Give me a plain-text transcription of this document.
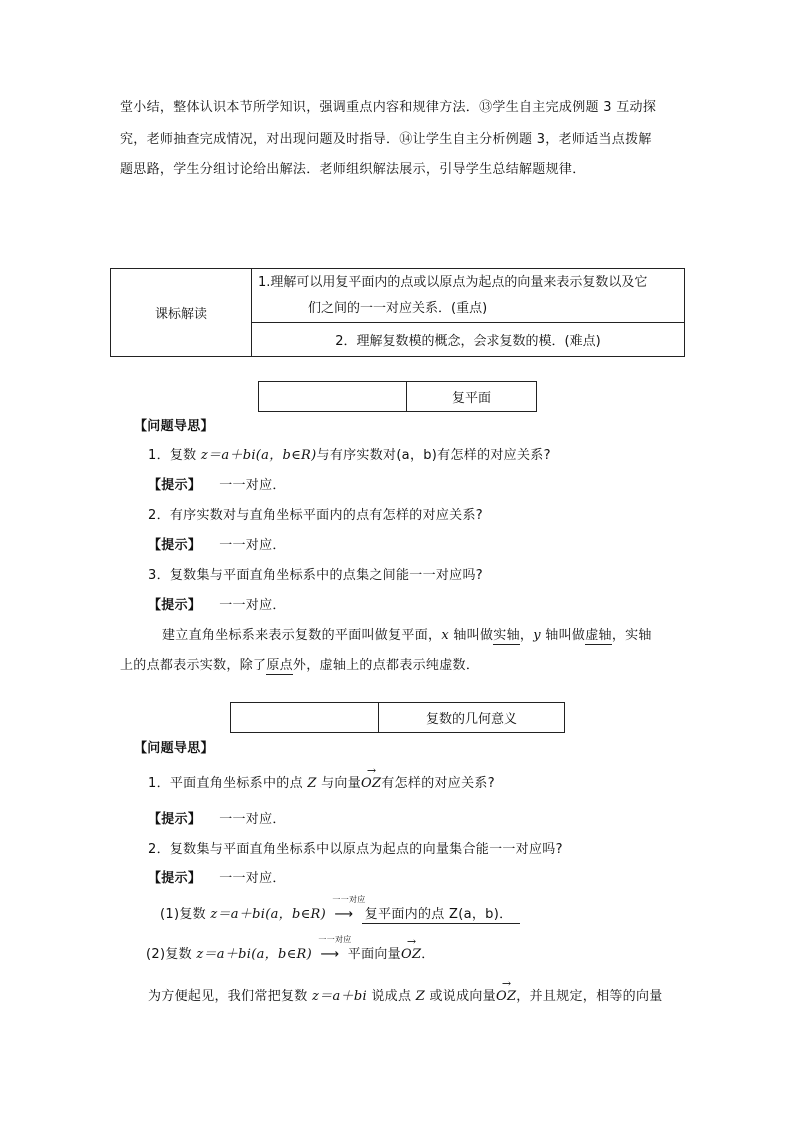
堂小结，整体认识本节所学知识，强调重点内容和规律方法．⑬学生自主完成例题 3 互动探
究，老师抽查完成情况，对出现问题及时指导．⑭让学生自主分析例题 3，老师适当点拨解
题思路，学生分组讨论给出解法．老师组织解法展示，引导学生总结解题规律．
课标解读	
1.理解可以用复平面内的点或以原点为起点的向量来表示复数以及它
们之间的一一对应关系．(重点)

2．理解复数模的概念，会求复数的模．(难点)
复平面
【问题导思】
1．复数 z＝a＋bi(a，b∈R)与有序实数对(a，b)有怎样的对应关系?
【提示】 一一对应．
2．有序实数对与直角坐标平面内的点有怎样的对应关系?
【提示】 一一对应．
3．复数集与平面直角坐标系中的点集之间能一一对应吗?
【提示】 一一对应．
建立直角坐标系来表示复数的平面叫做复平面，x 轴叫做实轴，y 轴叫做虚轴，实轴
上的点都表示实数，除了原点外，虚轴上的点都表示纯虚数．
复数的几何意义
【问题导思】
1．平面直角坐标系中的点 Z 与向量→ OZ有怎样的对应关系?
【提示】 一一对应．
2．复数集与平面直角坐标系中以原点为起点的向量集合能一一对应吗?
【提示】 一一对应．
(1)复数 z＝a＋bi(a，b∈R)
一一对应
⟶ 复平面内的点 Z(a，b)．
(2)复数 z＝a＋bi(a，b∈R)
一一对应
⟶ 平面向量→ OZ．
为方便起见，我们常把复数 z＝a＋bi 说成点 Z 或说成向量→ OZ，并且规定，相等的向量
